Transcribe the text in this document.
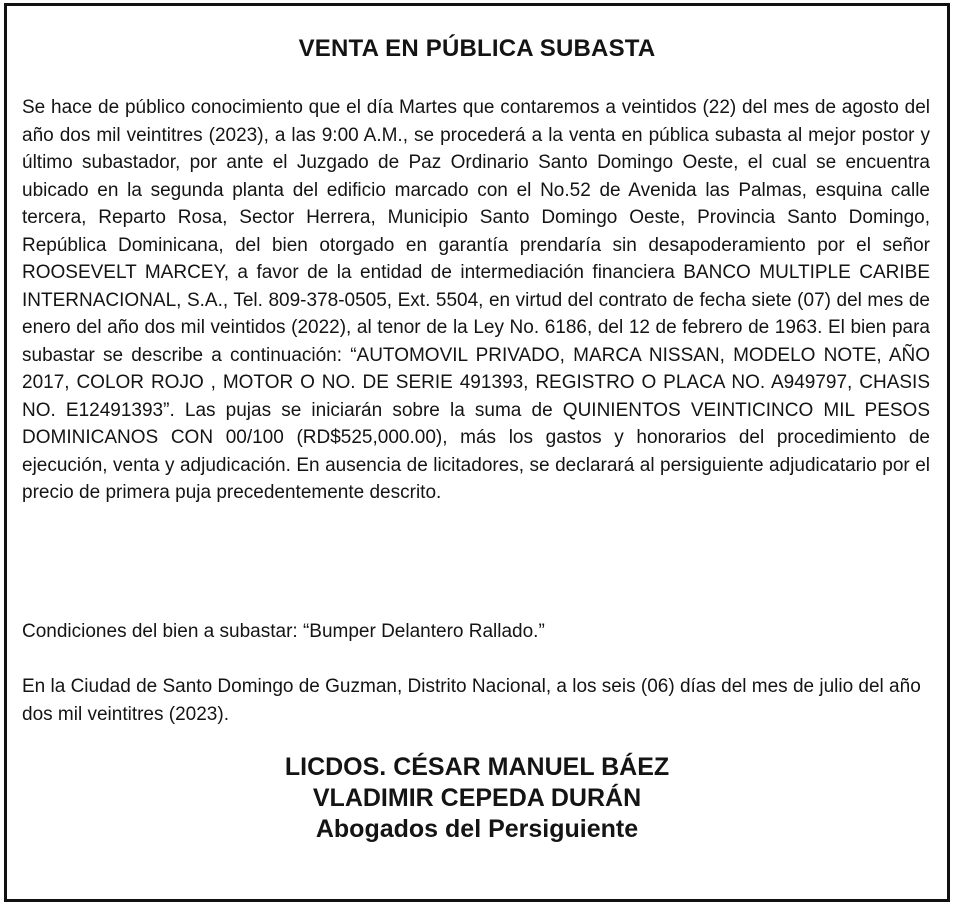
VENTA EN PÚBLICA SUBASTA

Se hace de público conocimiento que el día Martes que contaremos a veintidos (22) del mes de agosto del año dos mil veintitres (2023), a las 9:00 A.M., se procederá a la venta en pública subasta al mejor postor y último subastador, por ante el Juzgado de Paz Ordinario Santo Domingo Oeste, el cual se encuentra ubicado en la segunda planta del edificio marcado con el No.52 de Avenida las Palmas, esquina calle tercera, Reparto Rosa, Sector Herrera, Municipio Santo Domingo Oeste, Provincia Santo Domingo, República Dominicana, del bien otorgado en garantía prendaría sin desapoderamiento por el señor ROOSEVELT MARCEY, a favor de la entidad de intermediación financiera BANCO MULTIPLE CARIBE INTERNACIONAL, S.A., Tel. 809-378-0505, Ext. 5504, en virtud del contrato de fecha siete (07) del mes de enero del año dos mil veintidos (2022), al tenor de la Ley No. 6186, del 12 de febrero de 1963. El bien para subastar se describe a continuación: “AUTOMOVIL PRIVADO, MARCA NISSAN, MODELO NOTE, AÑO 2017, COLOR ROJO , MOTOR O NO. DE SERIE 491393, REGISTRO O PLACA NO. A949797, CHASIS NO. E12491393”. Las pujas se iniciarán sobre la suma de QUINIENTOS VEINTICINCO MIL PESOS DOMINICANOS CON 00/100 (RD$525,000.00), más los gastos y honorarios del procedimiento de ejecución, venta y adjudicación. En ausencia de licitadores, se declarará al persiguiente adjudicatario por el precio de primera puja precedentemente descrito.

Condiciones del bien a subastar: “Bumper Delantero Rallado.”

En la Ciudad de Santo Domingo de Guzman, Distrito Nacional, a los seis (06) días del mes de julio del año dos mil veintitres (2023).

LICDOS. CÉSAR MANUEL BÁEZ
VLADIMIR CEPEDA DURÁN
Abogados del Persiguiente
